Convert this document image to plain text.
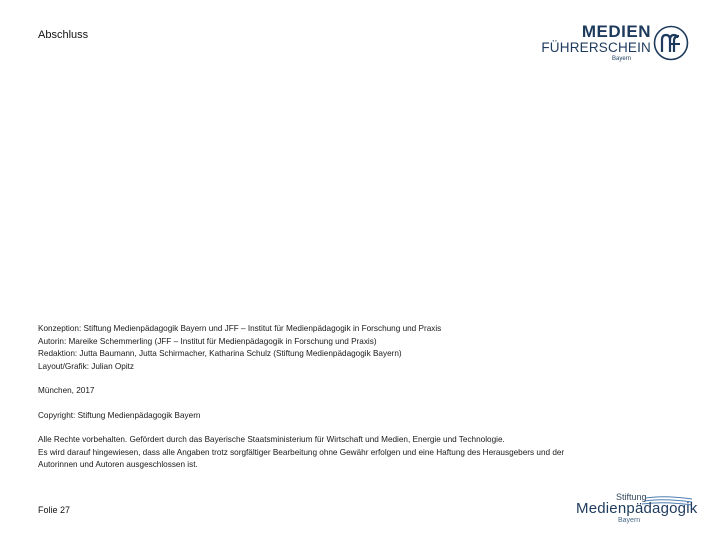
Abschluss	MEDIEN
FÜHRERSCHEIN
Bayern

Konzeption: Stiftung Medienpädagogik Bayern und JFF – Institut für Medienpädagogik in Forschung und Praxis

Autorin: Mareike Schemmerling (JFF – Institut für Medienpädagogik in Forschung und Praxis)

Redaktion: Jutta Baumann, Jutta Schirmacher, Katharina Schulz (Stiftung Medienpädagogik Bayern)

Layout/Grafik: Julian Opitz

München, 2017

Copyright: Stiftung Medienpädagogik Bayern

Alle Rechte vorbehalten. Gefördert durch das Bayerische Staatsministerium für Wirtschaft und Medien, Energie und Technologie.

Es wird darauf hingewiesen, dass alle Angaben trotz sorgfältiger Bearbeitung ohne Gewähr erfolgen und eine Haftung des Herausgebers und der

Autorinnen und Autoren ausgeschlossen ist.

Folie 27
Stiftung
Medienpädagogik
Bayern
